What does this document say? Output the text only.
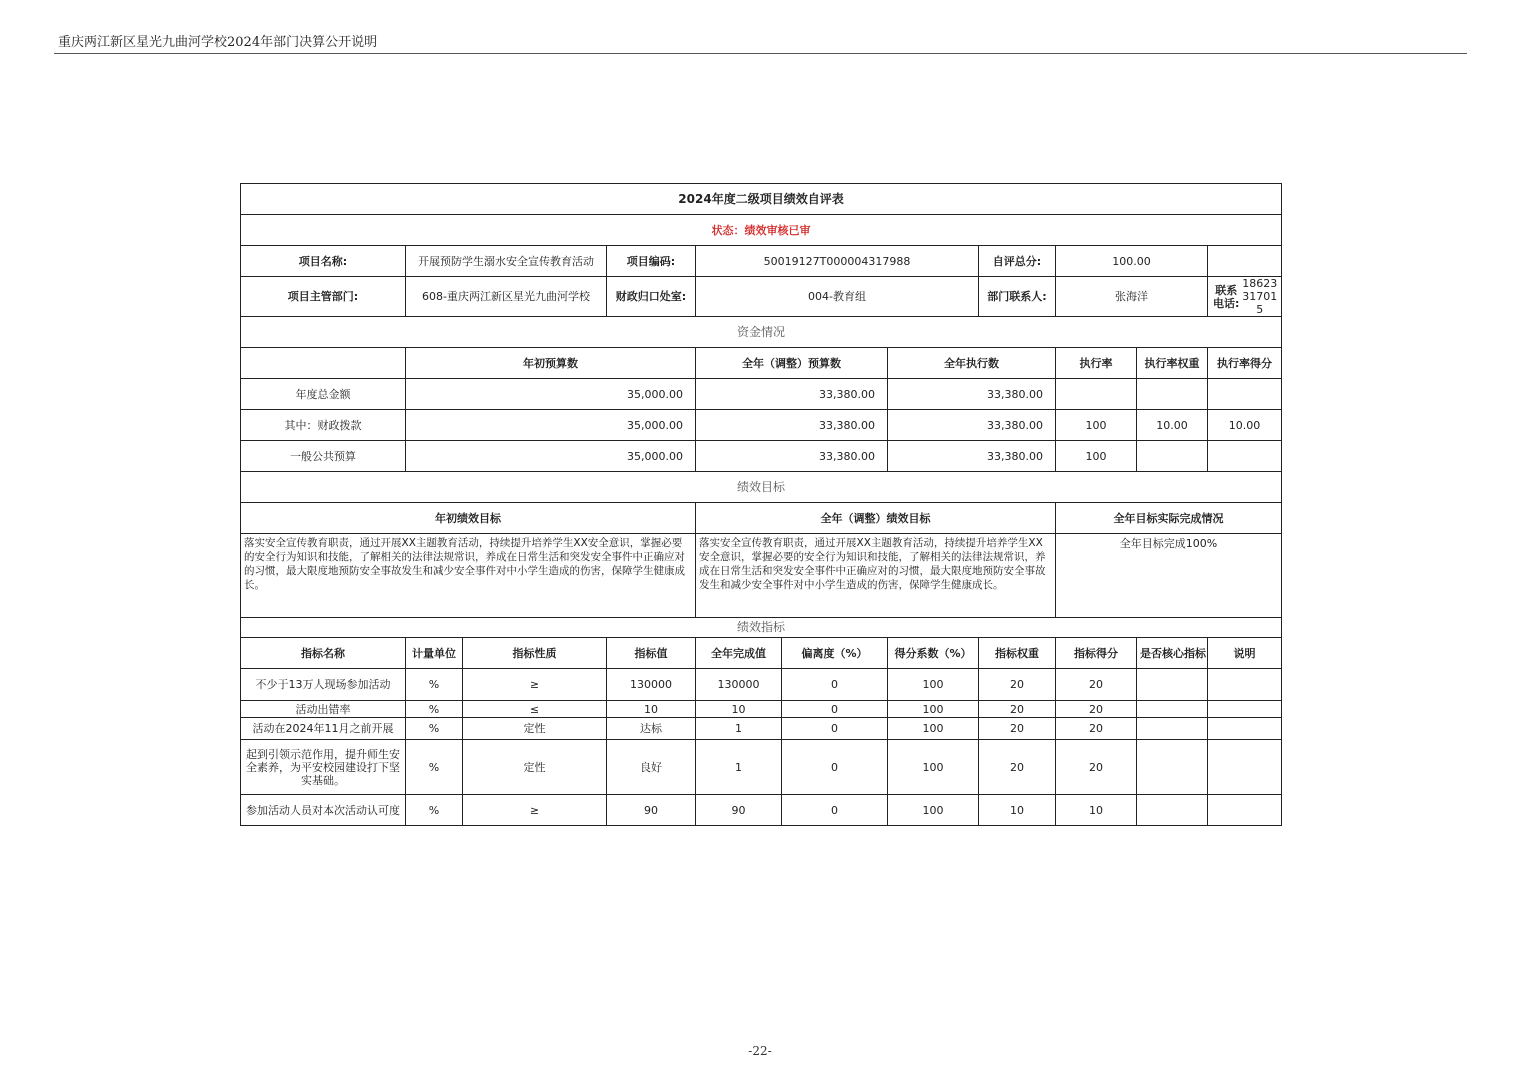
重庆两江新区星光九曲河学校2024年部门决算公开说明
2024年度二级项目绩效自评表										
状态：绩效审核已审										
项目名称:	开展预防学生溺水安全宣传教育活动		项目编码:	50019127T000004317988			自评总分:	100.00		
项目主管部门:	608-重庆两江新区星光九曲河学校		财政归口处室:	004-教育组			部门联系人:	张海洋		联系电话:
18623317015

资金情况										
	年初预算数			全年（调整）预算数		全年执行数		执行率	执行率权重	执行率得分
年度总金额	35,000.00			33,380.00		33,380.00				
其中：财政拨款	35,000.00			33,380.00		33,380.00		100	10.00	10.00
一般公共预算	35,000.00			33,380.00		33,380.00		100		
绩效目标										
年初绩效目标				全年（调整）绩效目标				全年目标实际完成情况		
落实安全宣传教育职责，通过开展XX主题教育活动，持续提升培养学生XX安全意识，掌握必要的安全行为知识和技能，了解相关的法律法规常识，养成在日常生活和突发安全事件中正确应对的习惯，最大限度地预防安全事故发生和减少安全事件对中小学生造成的伤害，保障学生健康成长。				落实安全宣传教育职责，通过开展XX主题教育活动，持续提升培养学生XX安全意识，掌握必要的安全行为知识和技能，了解相关的法律法规常识，养成在日常生活和突发安全事件中正确应对的习惯，最大限度地预防安全事故发生和减少安全事件对中小学生造成的伤害，保障学生健康成长。				全年目标完成100%		
绩效指标										
指标名称	计量单位	指标性质	指标值	全年完成值	偏离度（%）	得分系数（%）	指标权重	指标得分	是否核心指标	说明
不少于13万人现场参加活动	%	≥	130000	130000	0	100	20	20		
活动出错率	%	≤	10	10	0	100	20	20		
活动在2024年11月之前开展	%	定性	达标	1	0	100	20	20		
起到引领示范作用，提升师生安全素养，为平安校园建设打下坚实基础。	%	定性	良好	1	0	100	20	20		
参加活动人员对本次活动认可度	%	≥	90	90	0	100	10	10		
-22-
